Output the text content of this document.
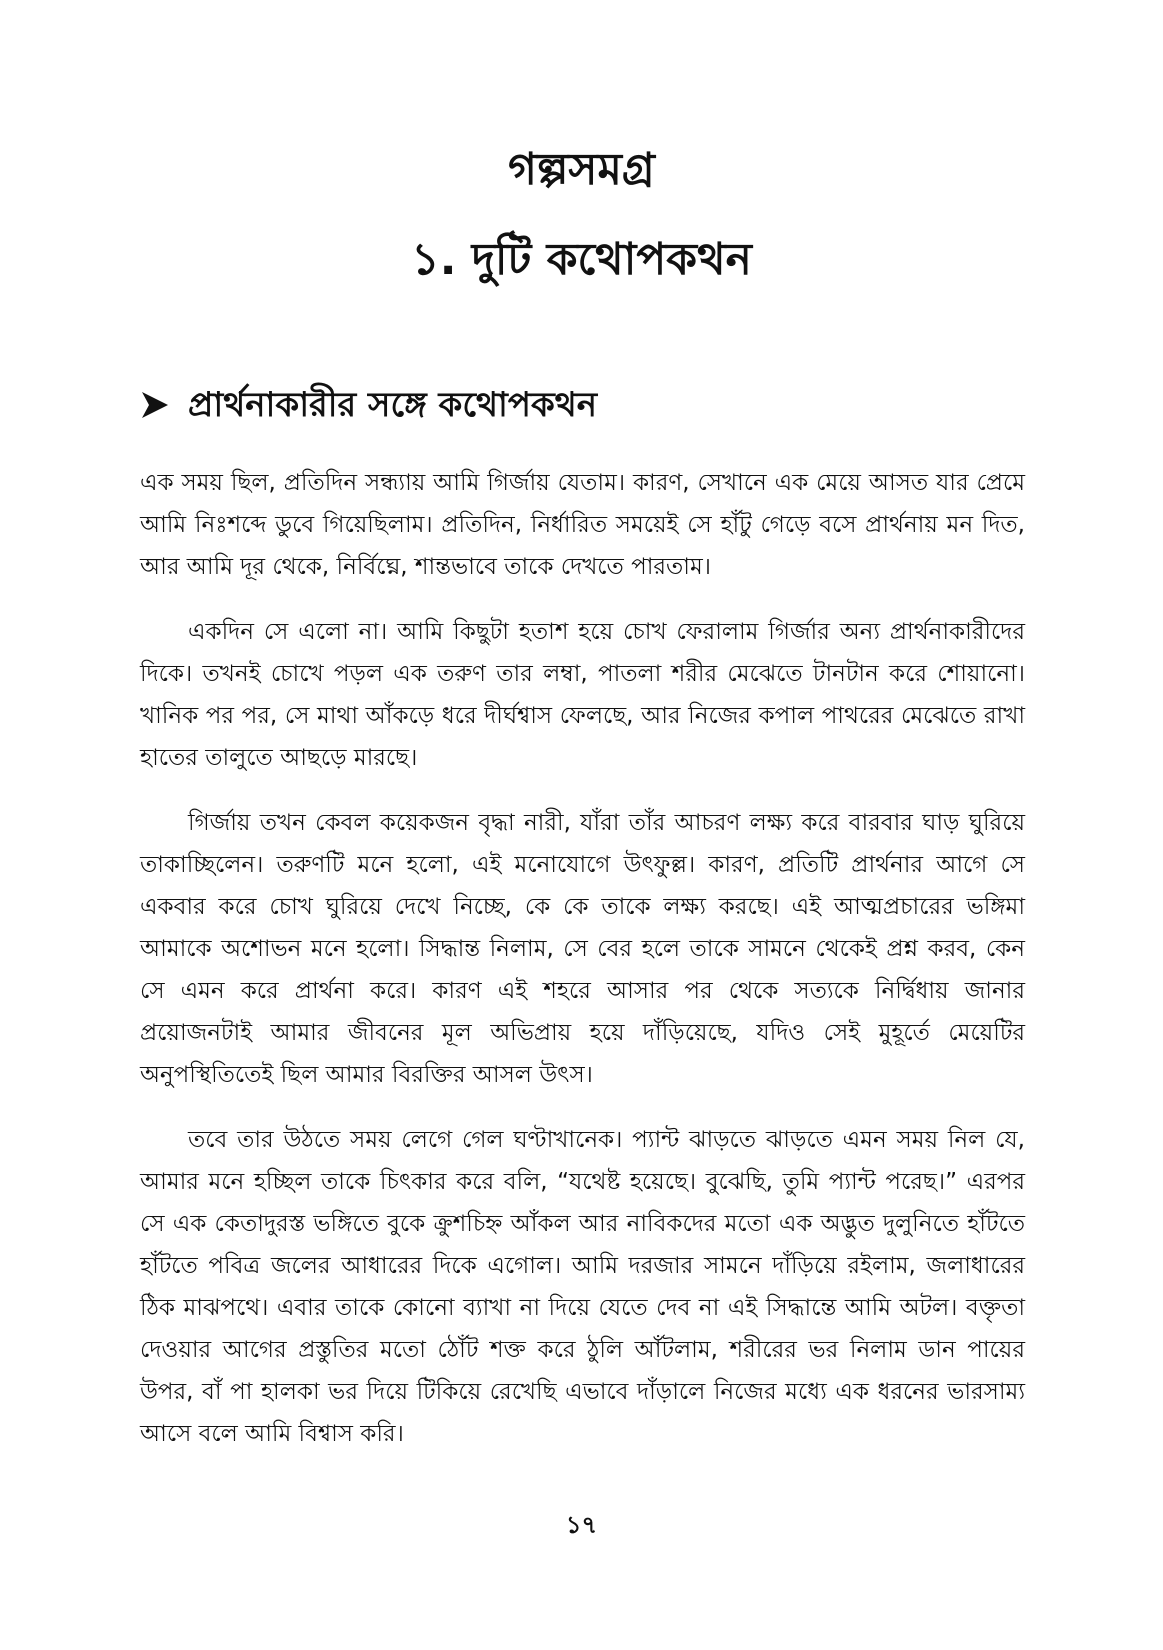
গল্পসমগ্র
১. দুটি কথোপকথন
প্রার্থনাকারীর সঙ্গে কথোপকথন

এক সময় ছিল, প্রতিদিন সন্ধ্যায় আমি গির্জায় যেতাম। কারণ, সেখানে এক মেয়ে আসত যার প্রেমে আমি নিঃশব্দে ডুবে গিয়েছিলাম। প্রতিদিন, নির্ধারিত সময়েই সে হাঁটু গেড়ে বসে প্রার্থনায় মন দিত, আর আমি দূর থেকে, নির্বিঘ্নে, শান্তভাবে তাকে দেখতে পারতাম।

একদিন সে এলো না। আমি কিছুটা হতাশ হয়ে চোখ ফেরালাম গির্জার অন্য প্রার্থনাকারীদের দিকে। তখনই চোখে পড়ল এক তরুণ তার লম্বা, পাতলা শরীর মেঝেতে টানটান করে শোয়ানো। খানিক পর পর, সে মাথা আঁকড়ে ধরে দীর্ঘশ্বাস ফেলছে, আর নিজের কপাল পাথরের মেঝেতে রাখা হাতের তালুতে আছড়ে মারছে।

গির্জায় তখন কেবল কয়েকজন বৃদ্ধা নারী, যাঁরা তাঁর আচরণ লক্ষ্য করে বারবার ঘাড় ঘুরিয়ে তাকাচ্ছিলেন। তরুণটি মনে হলো, এই মনোযোগে উৎফুল্ল। কারণ, প্রতিটি প্রার্থনার আগে সে একবার করে চোখ ঘুরিয়ে দেখে নিচ্ছে, কে কে তাকে লক্ষ্য করছে। এই আত্মপ্রচারের ভঙ্গিমা আমাকে অশোভন মনে হলো। সিদ্ধান্ত নিলাম, সে বের হলে তাকে সামনে থেকেই প্রশ্ন করব, কেন সে এমন করে প্রার্থনা করে। কারণ এই শহরে আসার পর থেকে সত্যকে নির্দ্বিধায় জানার প্রয়োজনটাই আমার জীবনের মূল অভিপ্রায় হয়ে দাঁড়িয়েছে, যদিও সেই মুহূর্তে মেয়েটির অনুপস্থিতিতেই ছিল আমার বিরক্তির আসল উৎস।

তবে তার উঠতে সময় লেগে গেল ঘণ্টাখানেক। প্যান্ট ঝাড়তে ঝাড়তে এমন সময় নিল যে, আমার মনে হচ্ছিল তাকে চিৎকার করে বলি, “যথেষ্ট হয়েছে। বুঝেছি, তুমি প্যান্ট পরেছ।” এরপর সে এক কেতাদুরস্ত ভঙ্গিতে বুকে ক্রুশচিহ্ন আঁকল আর নাবিকদের মতো এক অদ্ভুত দুলুনিতে হাঁটতে হাঁটতে পবিত্র জলের আধারের দিকে এগোল। আমি দরজার সামনে দাঁড়িয়ে রইলাম, জলাধারের ঠিক মাঝপথে। এবার তাকে কোনো ব্যাখা না দিয়ে যেতে দেব না এই সিদ্ধান্তে আমি অটল। বক্তৃতা দেওয়ার আগের প্রস্তুতির মতো ঠোঁট শক্ত করে ঠুলি আঁটলাম, শরীরের ভর নিলাম ডান পায়ের উপর, বাঁ পা হালকা ভর দিয়ে টিকিয়ে রেখেছি এভাবে দাঁড়ালে নিজের মধ্যে এক ধরনের ভারসাম্য আসে বলে আমি বিশ্বাস করি।

১৭
